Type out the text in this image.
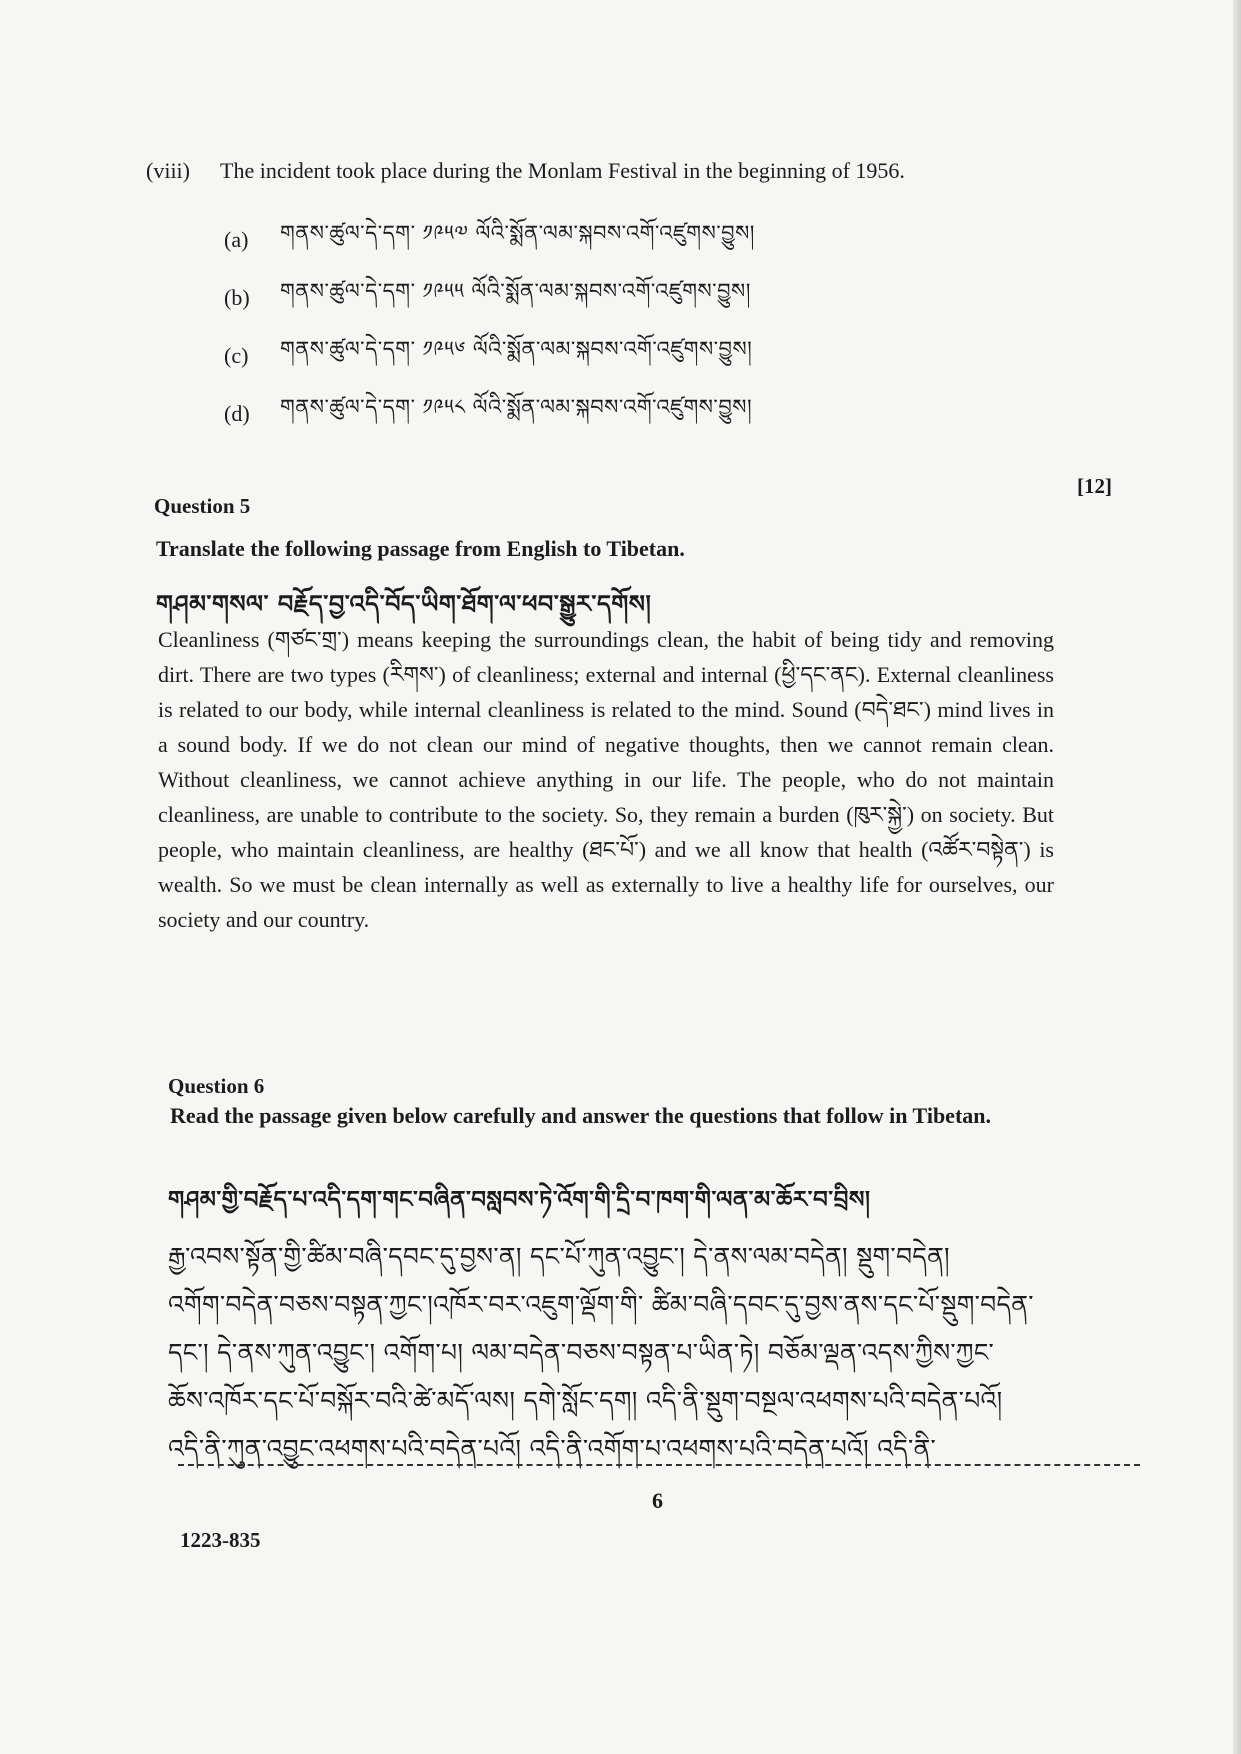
(viii) The incident took place during the Monlam Festival in the beginning of 1956.
(a)	གནས་ཚུལ་དེ་དག་ ༡༩༥༧ ལོའི་སྨོན་ལམ་སྐབས་འགོ་འཛུགས་བྱུས།
(b)	གནས་ཚུལ་དེ་དག་ ༡༩༥༥ ལོའི་སྨོན་ལམ་སྐབས་འགོ་འཛུགས་བྱུས།
(c)	གནས་ཚུལ་དེ་དག་ ༡༩༥༦ ལོའི་སྨོན་ལམ་སྐབས་འགོ་འཛུགས་བྱུས།
(d)	གནས་ཚུལ་དེ་དག་ ༡༩༥༨ ལོའི་སྨོན་ལམ་སྐབས་འགོ་འཛུགས་བྱུས།
[12]
Question 5
Translate the following passage from English to Tibetan.
གཤམ་གསལ་ བརྗོད་བྱ་འདི་བོད་ཡིག་ཐོག་ལ་ཕབ་སྒྱུར་དགོས།
Cleanliness (གཙང་གྲ་) means keeping the surroundings clean, the habit of being tidy and removing dirt. There are two types (རིགས་) of cleanliness; external and internal (ཕྱི་དང་ནང). External cleanliness is related to our body, while internal cleanliness is related to the mind. Sound (བདེ་ཐང་) mind lives in a sound body. If we do not clean our mind of negative thoughts, then we cannot remain clean. Without cleanliness, we cannot achieve anything in our life. The people, who do not maintain cleanliness, are unable to contribute to the society. So, they remain a burden (ཁུར་སྐྱེ་) on society. But people, who maintain cleanliness, are healthy (ཐང་པོ་) and we all know that health (འཚོར་བསྟེན་) is wealth. So we must be clean internally as well as externally to live a healthy life for ourselves, our society and our country.
Question 6
Read the passage given below carefully and answer the questions that follow in Tibetan.
གཤམ་གྱི་བརྗོད་པ་འདི་དག་གང་བཞིན་བསླབས་ཏེ་འོག་གི་དྲི་བ་ཁག་གི་ལན་མ་ཆོར་བ་བྲིས།
རྒྱ་འབས་སྟོན་གྱི་ཚིམ་བཞི་དབང་དུ་བྱས་ན། དང་པོ་ཀུན་འབྱུང་། དེ་ནས་ལམ་བདེན། སྡུག་བདེན།
འགོག་བདེན་བཅས་བསྟན་ཀྱང་།འཁོར་བར་འཇུག་ལྡོག་གི་ ཚིམ་བཞི་དབང་དུ་བྱས་ནས་དང་པོ་སྡུག་བདེན་
དང་། དེ་ནས་ཀུན་འབྱུང་། འགོག་པ། ལམ་བདེན་བཅས་བསྟན་པ་ཡིན་ཏེ། བཅོམ་ལྡན་འདས་ཀྱིས་ཀྱང་
ཆོས་འཁོར་དང་པོ་བསྐོར་བའི་ཚེ་མདོ་ལས། དགེ་སློང་དག། འདི་ནི་སྡུག་བསྔལ་འཕགས་པའི་བདེན་པའོ།
འདི་ནི་ཀུན་འབྱུང་འཕགས་པའི་བདེན་པའོ། འདི་ནི་འགོག་པ་འཕགས་པའི་བདེན་པའོ། འདི་ནི་
6
1223-835
